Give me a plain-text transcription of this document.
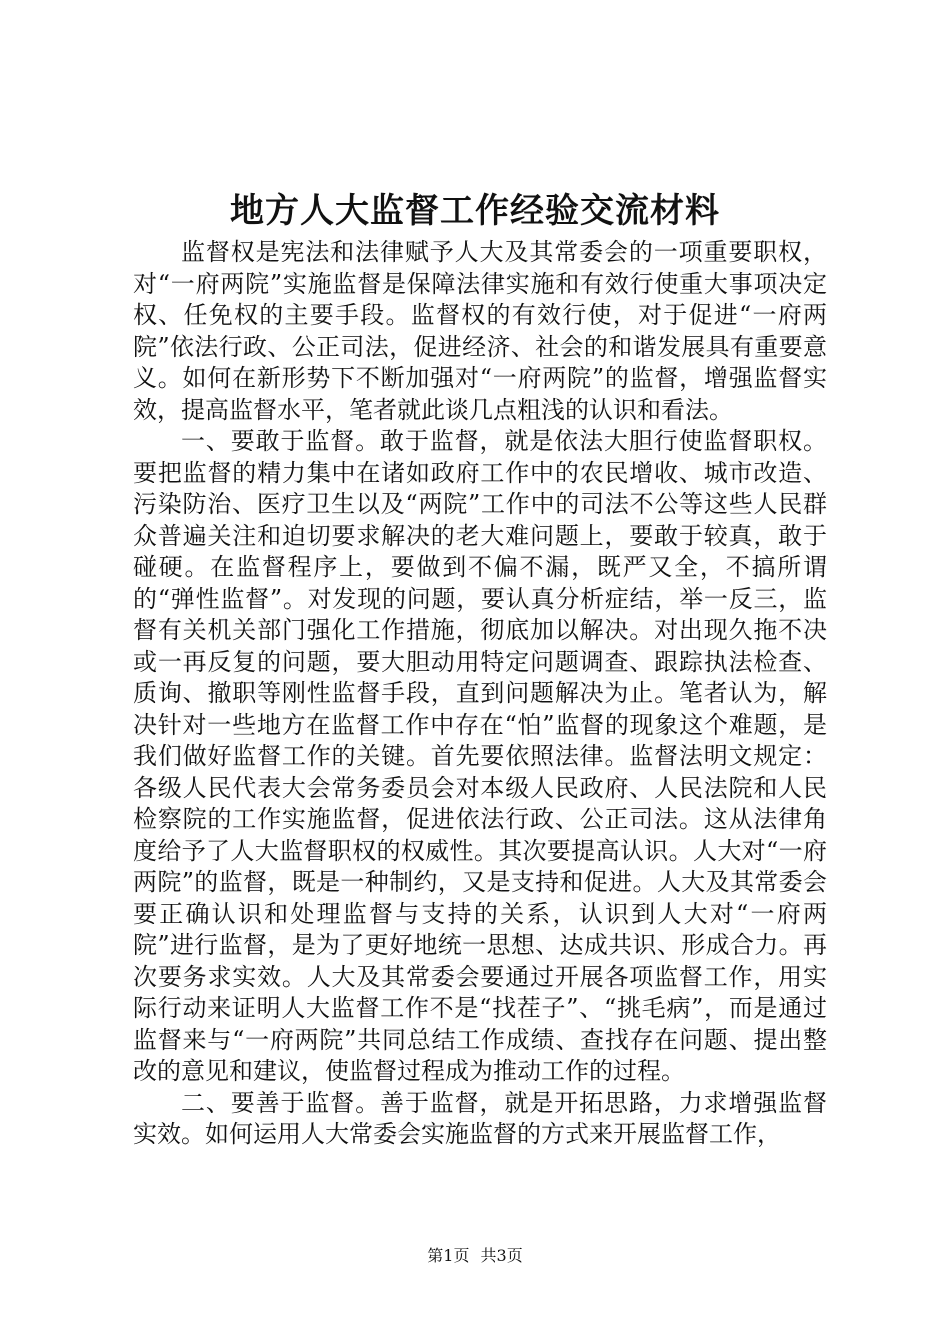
地方人大监督工作经验交流材料

监督权是宪法和法律赋予人大及其常委会的一项重要职权，对“一府两院”实施监督是保障法律实施和有效行使重大事项决定权、任免权的主要手段。监督权的有效行使，对于促进“一府两院”依法行政、公正司法，促进经济、社会的和谐发展具有重要意义。如何在新形势下不断加强对“一府两院”的监督，增强监督实效，提高监督水平，笔者就此谈几点粗浅的认识和看法。

一、要敢于监督。敢于监督，就是依法大胆行使监督职权。要把监督的精力集中在诸如政府工作中的农民增收、城市改造、污染防治、医疗卫生以及“两院”工作中的司法不公等这些人民群众普遍关注和迫切要求解决的老大难问题上，要敢于较真，敢于碰硬。在监督程序上，要做到不偏不漏，既严又全，不搞所谓的“弹性监督”。对发现的问题，要认真分析症结，举一反三，监督有关机关部门强化工作措施，彻底加以解决。对出现久拖不决或一再反复的问题，要大胆动用特定问题调查、跟踪执法检查、质询、撤职等刚性监督手段，直到问题解决为止。笔者认为，解决针对一些地方在监督工作中存在“怕”监督的现象这个难题，是我们做好监督工作的关键。首先要依照法律。监督法明文规定：各级人民代表大会常务委员会对本级人民政府、人民法院和人民检察院的工作实施监督，促进依法行政、公正司法。这从法律角度给予了人大监督职权的权威性。其次要提高认识。人大对“一府两院”的监督，既是一种制约，又是支持和促进。人大及其常委会要正确认识和处理监督与支持的关系，认识到人大对“一府两院”进行监督，是为了更好地统一思想、达成共识、形成合力。再次要务求实效。人大及其常委会要通过开展各项监督工作，用实际行动来证明人大监督工作不是“找茬子”、“挑毛病”，而是通过监督来与“一府两院”共同总结工作成绩、查找存在问题、提出整改的意见和建议，使监督过程成为推动工作的过程。

二、要善于监督。善于监督，就是开拓思路，力求增强监督实效。如何运用人大常委会实施监督的方式来开展监督工作，

第1页 共3页
